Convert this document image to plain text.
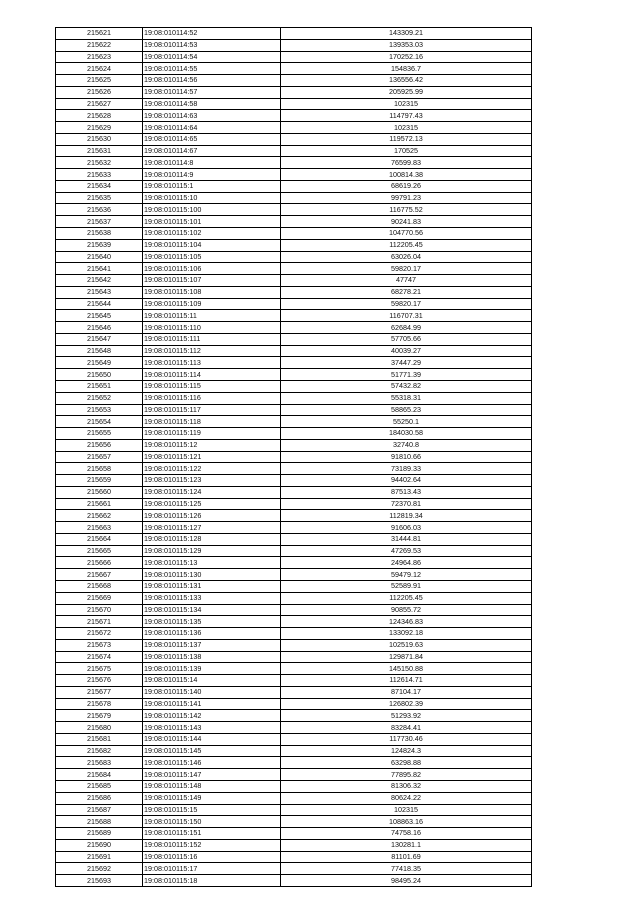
215621	19:08:010114:52	143309.21
215622	19:08:010114:53	139353.03
215623	19:08:010114:54	170252.16
215624	19:08:010114:55	154836.7
215625	19:08:010114:56	136556.42
215626	19:08:010114:57	205925.99
215627	19:08:010114:58	102315
215628	19:08:010114:63	114797.43
215629	19:08:010114:64	102315
215630	19:08:010114:65	119572.13
215631	19:08:010114:67	170525
215632	19:08:010114:8	76599.83
215633	19:08:010114:9	100814.38
215634	19:08:010115:1	68619.26
215635	19:08:010115:10	99791.23
215636	19:08:010115:100	116775.52
215637	19:08:010115:101	90241.83
215638	19:08:010115:102	104770.56
215639	19:08:010115:104	112205.45
215640	19:08:010115:105	63026.04
215641	19:08:010115:106	59820.17
215642	19:08:010115:107	47747
215643	19:08:010115:108	68278.21
215644	19:08:010115:109	59820.17
215645	19:08:010115:11	116707.31
215646	19:08:010115:110	62684.99
215647	19:08:010115:111	57705.66
215648	19:08:010115:112	40039.27
215649	19:08:010115:113	37447.29
215650	19:08:010115:114	51771.39
215651	19:08:010115:115	57432.82
215652	19:08:010115:116	55318.31
215653	19:08:010115:117	58865.23
215654	19:08:010115:118	55250.1
215655	19:08:010115:119	184030.58
215656	19:08:010115:12	32740.8
215657	19:08:010115:121	91810.66
215658	19:08:010115:122	73189.33
215659	19:08:010115:123	94402.64
215660	19:08:010115:124	87513.43
215661	19:08:010115:125	72370.81
215662	19:08:010115:126	112819.34
215663	19:08:010115:127	91606.03
215664	19:08:010115:128	31444.81
215665	19:08:010115:129	47269.53
215666	19:08:010115:13	24964.86
215667	19:08:010115:130	59479.12
215668	19:08:010115:131	52589.91
215669	19:08:010115:133	112205.45
215670	19:08:010115:134	90855.72
215671	19:08:010115:135	124346.83
215672	19:08:010115:136	133092.18
215673	19:08:010115:137	102519.63
215674	19:08:010115:138	129871.84
215675	19:08:010115:139	145150.88
215676	19:08:010115:14	112614.71
215677	19:08:010115:140	87104.17
215678	19:08:010115:141	126802.39
215679	19:08:010115:142	51293.92
215680	19:08:010115:143	83284.41
215681	19:08:010115:144	117730.46
215682	19:08:010115:145	124824.3
215683	19:08:010115:146	63298.88
215684	19:08:010115:147	77895.82
215685	19:08:010115:148	81306.32
215686	19:08:010115:149	80624.22
215687	19:08:010115:15	102315
215688	19:08:010115:150	108863.16
215689	19:08:010115:151	74758.16
215690	19:08:010115:152	130281.1
215691	19:08:010115:16	81101.69
215692	19:08:010115:17	77418.35
215693	19:08:010115:18	98495.24
